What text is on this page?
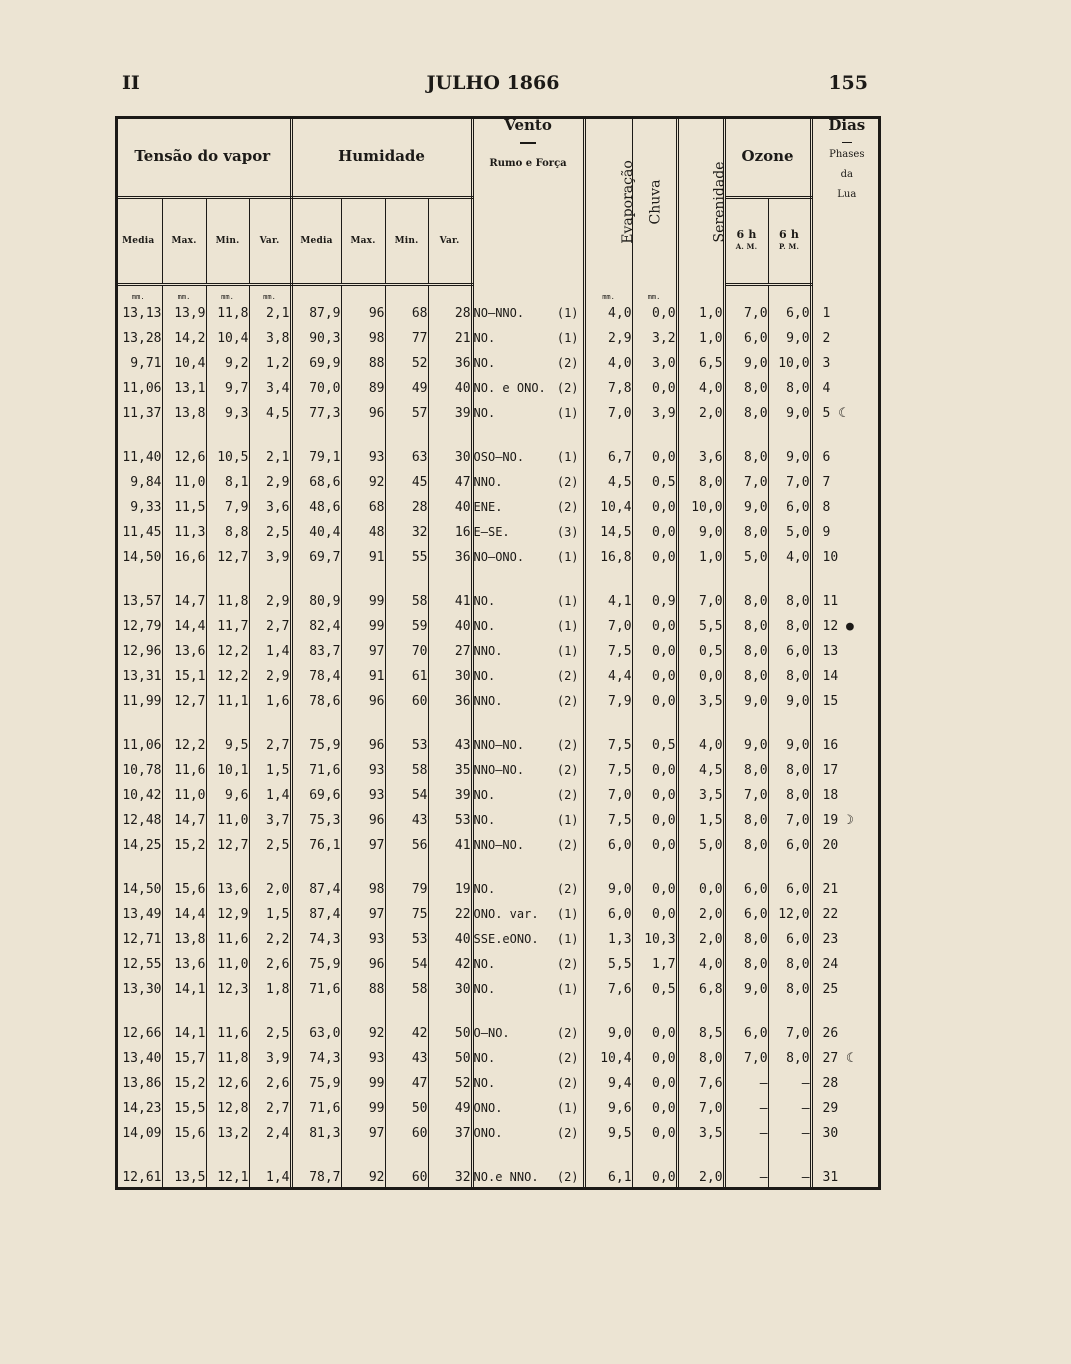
II	JULHO 1866	155
Tensão do vapor				Humidade				Vento
Rumo e Força	Evaporação	Chuva	Serenidade	Ozone		Dias
Phases
da
Lua

Media	Max.	Min.	Var.	Media	Max.	Min.	Var.					6 h
A. M.	6 h
P. M.	

mm.	mm.	mm.	mm.						mm.	mm.				
13,13	13,9	11,8	2,1	87,9	96	68	28	NO–NNO. (1)	4,0	0,0	1,0	7,0	6,0	1
13,28	14,2	10,4	3,8	90,3	98	77	21	NO. (1)	2,9	3,2	1,0	6,0	9,0	2
9,71	10,4	9,2	1,2	69,9	88	52	36	NO. (2)	4,0	3,0	6,5	9,0	10,0	3
11,06	13,1	9,7	3,4	70,0	89	49	40	NO. e ONO. (2)	7,8	0,0	4,0	8,0	8,0	4
11,37	13,8	9,3	4,5	77,3	96	57	39	NO. (1)	7,0	3,9	2,0	8,0	9,0	5 ☾

11,40	12,6	10,5	2,1	79,1	93	63	30	OSO–NO. (1)	6,7	0,0	3,6	8,0	9,0	6
9,84	11,0	8,1	2,9	68,6	92	45	47	NNO. (2)	4,5	0,5	8,0	7,0	7,0	7
9,33	11,5	7,9	3,6	48,6	68	28	40	ENE. (2)	10,4	0,0	10,0	9,0	6,0	8
11,45	11,3	8,8	2,5	40,4	48	32	16	E–SE. (3)	14,5	0,0	9,0	8,0	5,0	9
14,50	16,6	12,7	3,9	69,7	91	55	36	NO–ONO. (1)	16,8	0,0	1,0	5,0	4,0	10

13,57	14,7	11,8	2,9	80,9	99	58	41	NO. (1)	4,1	0,9	7,0	8,0	8,0	11
12,79	14,4	11,7	2,7	82,4	99	59	40	NO. (1)	7,0	0,0	5,5	8,0	8,0	12 ●
12,96	13,6	12,2	1,4	83,7	97	70	27	NNO. (1)	7,5	0,0	0,5	8,0	6,0	13
13,31	15,1	12,2	2,9	78,4	91	61	30	NO. (2)	4,4	0,0	0,0	8,0	8,0	14
11,99	12,7	11,1	1,6	78,6	96	60	36	NNO. (2)	7,9	0,0	3,5	9,0	9,0	15

11,06	12,2	9,5	2,7	75,9	96	53	43	NNO–NO. (2)	7,5	0,5	4,0	9,0	9,0	16
10,78	11,6	10,1	1,5	71,6	93	58	35	NNO–NO. (2)	7,5	0,0	4,5	8,0	8,0	17
10,42	11,0	9,6	1,4	69,6	93	54	39	NO. (2)	7,0	0,0	3,5	7,0	8,0	18
12,48	14,7	11,0	3,7	75,3	96	43	53	NO. (1)	7,5	0,0	1,5	8,0	7,0	19 ☽
14,25	15,2	12,7	2,5	76,1	97	56	41	NNO–NO. (2)	6,0	0,0	5,0	8,0	6,0	20

14,50	15,6	13,6	2,0	87,4	98	79	19	NO. (2)	9,0	0,0	0,0	6,0	6,0	21
13,49	14,4	12,9	1,5	87,4	97	75	22	ONO. var. (1)	6,0	0,0	2,0	6,0	12,0	22
12,71	13,8	11,6	2,2	74,3	93	53	40	SSE.eONO. (1)	1,3	10,3	2,0	8,0	6,0	23
12,55	13,6	11,0	2,6	75,9	96	54	42	NO. (2)	5,5	1,7	4,0	8,0	8,0	24
13,30	14,1	12,3	1,8	71,6	88	58	30	NO. (1)	7,6	0,5	6,8	9,0	8,0	25

12,66	14,1	11,6	2,5	63,0	92	42	50	O–NO. (2)	9,0	0,0	8,5	6,0	7,0	26
13,40	15,7	11,8	3,9	74,3	93	43	50	NO. (2)	10,4	0,0	8,0	7,0	8,0	27 ☾
13,86	15,2	12,6	2,6	75,9	99	47	52	NO. (2)	9,4	0,0	7,6	—	—	28
14,23	15,5	12,8	2,7	71,6	99	50	49	ONO. (1)	9,6	0,0	7,0	—	—	29
14,09	15,6	13,2	2,4	81,3	97	60	37	ONO. (2)	9,5	0,0	3,5	—	—	30

12,61	13,5	12,1	1,4	78,7	92	60	32	NO.e NNO. (2)	6,1	0,0	2,0	—	—	31
